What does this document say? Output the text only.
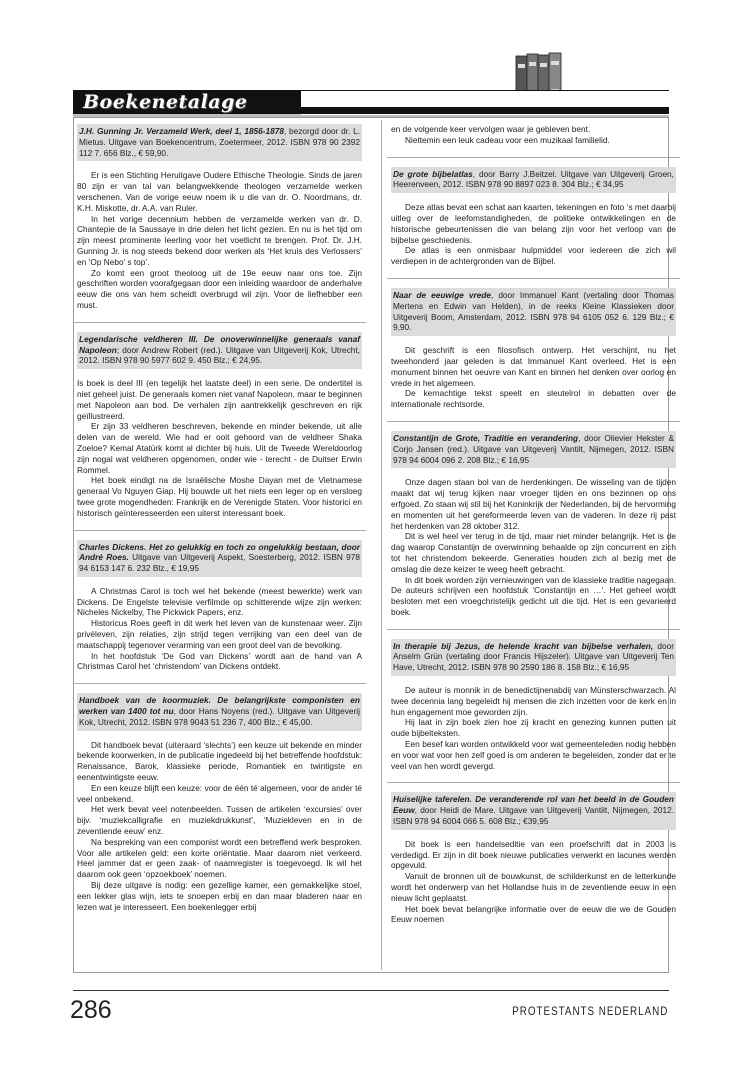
Boekenetalage
J.H. Gunning Jr. Verzameld Werk, deel 1, 1856-1878, bezorgd door dr. L. Mietus. Uitgave van Boekencentrum, Zoetermeer, 2012. ISBN 978 90 2392 112 7. 656 Blz., € 59,90.

Er is een Stichting Heruitgave Oudere Ethische Theologie. Sinds de jaren 80 zijn er van tal van belangwekkende theologen verzamelde werken verschenen. Van de vorige eeuw noem ik u die van dr. O. Noordmans, dr. K.H. Miskotte, dr. A.A. van Ruler.

In het vorige decennium hebben de verzamelde werken van dr. D. Chantepie de la Saussaye in drie delen het licht gezien. En nu is het tijd om zijn meest prominente leerling voor het voetlicht te brengen. Prof. Dr. J.H. Gunning Jr. is nog steeds bekend door werken als ‘Het kruis des Verlossers’ en ‘Op Nebo’ s top’.

Zo komt een groot theoloog uit de 19e eeuw naar ons toe. Zijn geschriften worden voorafgegaan door een inleiding waardoor de anderhalve eeuw die ons van hem scheidt overbrugd wil zijn. Voor de liefhebber een must.

Legendarische veldheren III. De onoverwinnelijke generaals vanaf Napoleon; door Andrew Robert (red.). Uitgave van Uitgeverij Kok, Utrecht, 2012. ISBN 978 90 5977 602 9. 450 Blz.; € 24,95.

Is boek is deel III (en tegelijk het laatste deel) in een serie. De ondertitel is niet geheel juist. De generaals komen niet vanaf Napoleon, maar te beginnen met Napoleon aan bod. De verhalen zijn aantrekkelijk geschreven en rijk geïllustreerd.

Er zijn 33 veldheren beschreven, bekende en minder bekende, uit alle delen van de wereld. Wie had er ooit gehoord van de veldheer Shaka Zoeloe? Kemal Atatürk komt al dichter bij huis. Uit de Tweede Wereldoorlog zijn nogal wat veldheren opgenomen, onder wie - terecht - de Duitser Erwin Rommel.

Het boek eindigt na de Israëlische Moshe Dayan met de Vietnamese generaal Vo Nguyen Giap. Hij bouwde uit het niets een leger op en versloeg twee grote mogendheden: Frankrijk en de Verenigde Staten. Voor historici en historisch geïnteresseerden een uiterst interessant boek.

Charles Dickens. Het zo gelukkig en toch zo ongelukkig bestaan, door André Roes. Uitgave van Uitgeverij Aspekt, Soesterberg, 2012. ISBN 978 94 6153 147 6. 232 Blz., € 19,95

A Christmas Carol is toch wel het bekende (meest bewerkte) werk van Dickens. De Engelste televisie verfilmde op schitterende wijze zijn werken: Nicheles Nickelby, The Pickwick Papers, enz.

Historicus Roes geeft in dit werk het leven van de kunstenaar weer. Zijn privéleven, zijn relaties, zijn strijd tegen verrijking van een deel van de maatschappij tegenover verarming van een groot deel van de bevolking.

In het hoofdstuk ‘De God van Dickens’ wordt aan de hand van A Christmas Carol het ‘christendom’ van Dickens ontdekt.

Handboek van de koormuziek. De belangrijkste componisten en werken van 1400 tot nu, door Hans Noyens (red.). Uitgave van Uitgeverij Kok, Utrecht, 2012. ISBN 978 9043 51 236 7, 400 Blz.; € 45,00.

Dit handboek bevat (uiteraard ‘slechts’) een keuze uit bekende en minder bekende koorwerken, in de publicatie ingedeeld bij het betreffende hoofdstuk: Renaissance, Barok, klassieke periode, Romantiek en twintigste en eenentwintigste eeuw.

En een keuze blijft een keuze: voor de één té algemeen, voor de ander té veel onbekend.

Het werk bevat veel notenbeelden. Tussen de artikelen ‘excursies’ over bijv. ‘muziekcalligrafie en muziekdrukkunst’, ‘Muziekleven en in de zeventiende eeuw’ enz.

Na bespreking van een componist wordt een betreffend werk besproken. Voor alle artikelen geld: een korte oriëntatie. Maar daarom niet verkeerd. Heel jammer dat er geen zaak- of naamregister is toegevoegd. Ik wil het daarom ook geen ‘opzoekboek’ noemen.

Bij deze uitgave is nodig: een gezellige kamer, een gemakkelijke stoel, een lekker glas wijn, iets te snoepen erbij en dan maar bladeren naar en lezen wat je interesseert. Een boekenlegger erbij

en de volgende keer vervolgen waar je gebleven bent.

Niettemin een leuk cadeau voor een muzikaal familielid.

De grote bijbelatlas, door Barry J.Beitzel. Uitgave van Uitgeverij Groen, Heerenveen, 2012. ISBN 978 90 8897 023 8. 304 Blz.; € 34,95

Deze atlas bevat een schat aan kaarten, tekeningen en foto ‘s met daarbij uitleg over de leefomstandigheden, de politieke ontwikkelingen en de historische gebeurtenissen die van belang zijn voor het verloop van de bijbelse geschiedenis.

De atlas is een onmisbaar hulpmiddel voor iedereen die zich wil verdiepen in de achtergronden van de Bijbel.

Naar de eeuwige vrede, door Immanuel Kant (vertaling door Thomas Mertens en Edwin van Helden), in de reeks Kleine Klassieken door Uitgeverij Boom, Amsterdam, 2012. ISBN 978 94 6105 052 6. 129 Blz.; € 9,90.

Dit geschrift is een filosofisch ontwerp. Het verschijnt, nu het tweehonderd jaar geleden is dat Immanuel Kant overleed. Het is een monument binnen het oeuvre van Kant en binnen het denken over oorlog en vrede in het algemeen.

De kernachtige tekst speelt en sleutelrol in debatten over de internationale rechtsorde.

Constantijn de Grote, Traditie en verandering, door Olievier Hekster & Corjo Jansen (red.). Uitgave van Uitgeverij Vantilt, Nijmegen, 2012. ISBN 978 94 6004 096 2. 208 Blz.; € 16,95

Onze dagen staan bol van de herdenkingen. De wisseling van de tijden maakt dat wij terug kijken naar vroeger tijden en ons bezinnen op ons erfgoed. Zo staan wij stil bij het Koninkrijk der Nederlanden, bij de hervorming en momenten uit het gereformeerde leven van de vaderen. In deze rij past het herdenken van 28 oktober 312.

Dit is wel heel ver terug in de tijd, maar niet minder belangrijk. Het is de dag waarop Constantijn de overwinning behaalde op zijn concurrent en zich tot het christendom bekeerde. Generaties houden zich al bezig met de omslag die deze keizer te weeg heeft gebracht.

In dit boek worden zijn vernieuwingen van de klassieke traditie nagegaan. De auteurs schrijven een hoofdstuk ‘Constantijn en …’. Het geheel wordt besloten met een vroegchristelijk gedicht uit die tijd. Het is een gevarieerd boek.

In therapie bij Jezus, de helende kracht van bijbelse verhalen, door Anselm Grün (vertaling door Francis Hijszeler). Uitgave van Uitgeverij Ten Have, Utrecht, 2012. ISBN 978 90 2590 186 8. 158 Blz.; € 16,95

De auteur is monnik in de benedictijnenabdij van Münsterschwarzach. Al twee decennia lang begeleidt hij mensen die zich inzetten voor de kerk en in hun engagement moe geworden zijn.

Hij laat in zijn boek zien hoe zij kracht en genezing kunnen putten uit oude bijbelteksten.

Een besef kan worden ontwikkeld voor wat gemeenteleden nodig hebben en voor wat voor hen zelf goed is om anderen te begeleiden, zonder dat er te veel van hen wordt gevergd.

Huiselijke taferelen. De veranderende rol van het beeld in de Gouden Eeuw, door Heidi de Mare. Uitgave van Uitgeverij Vantilt, Nijmegen, 2012. ISBN 978 94 6004 066 5. 608 Blz.; €39,95

Dit boek is een handelseditie van een proefschrift dat in 2003 is verdedigd. Er zijn in dit boek nieuwe publicaties verwerkt en lacunes werden opgevuld.

Vanuit de bronnen uit de bouwkunst, de schilderkunst en de letterkunde wordt het onderwerp van het Hollandse huis in de zeventiende eeuw in een nieuw licht geplaatst.

Het boek bevat belangrijke informatie over de eeuw die we de Gouden Eeuw noemen

286	PROTESTANTS NEDERLAND
